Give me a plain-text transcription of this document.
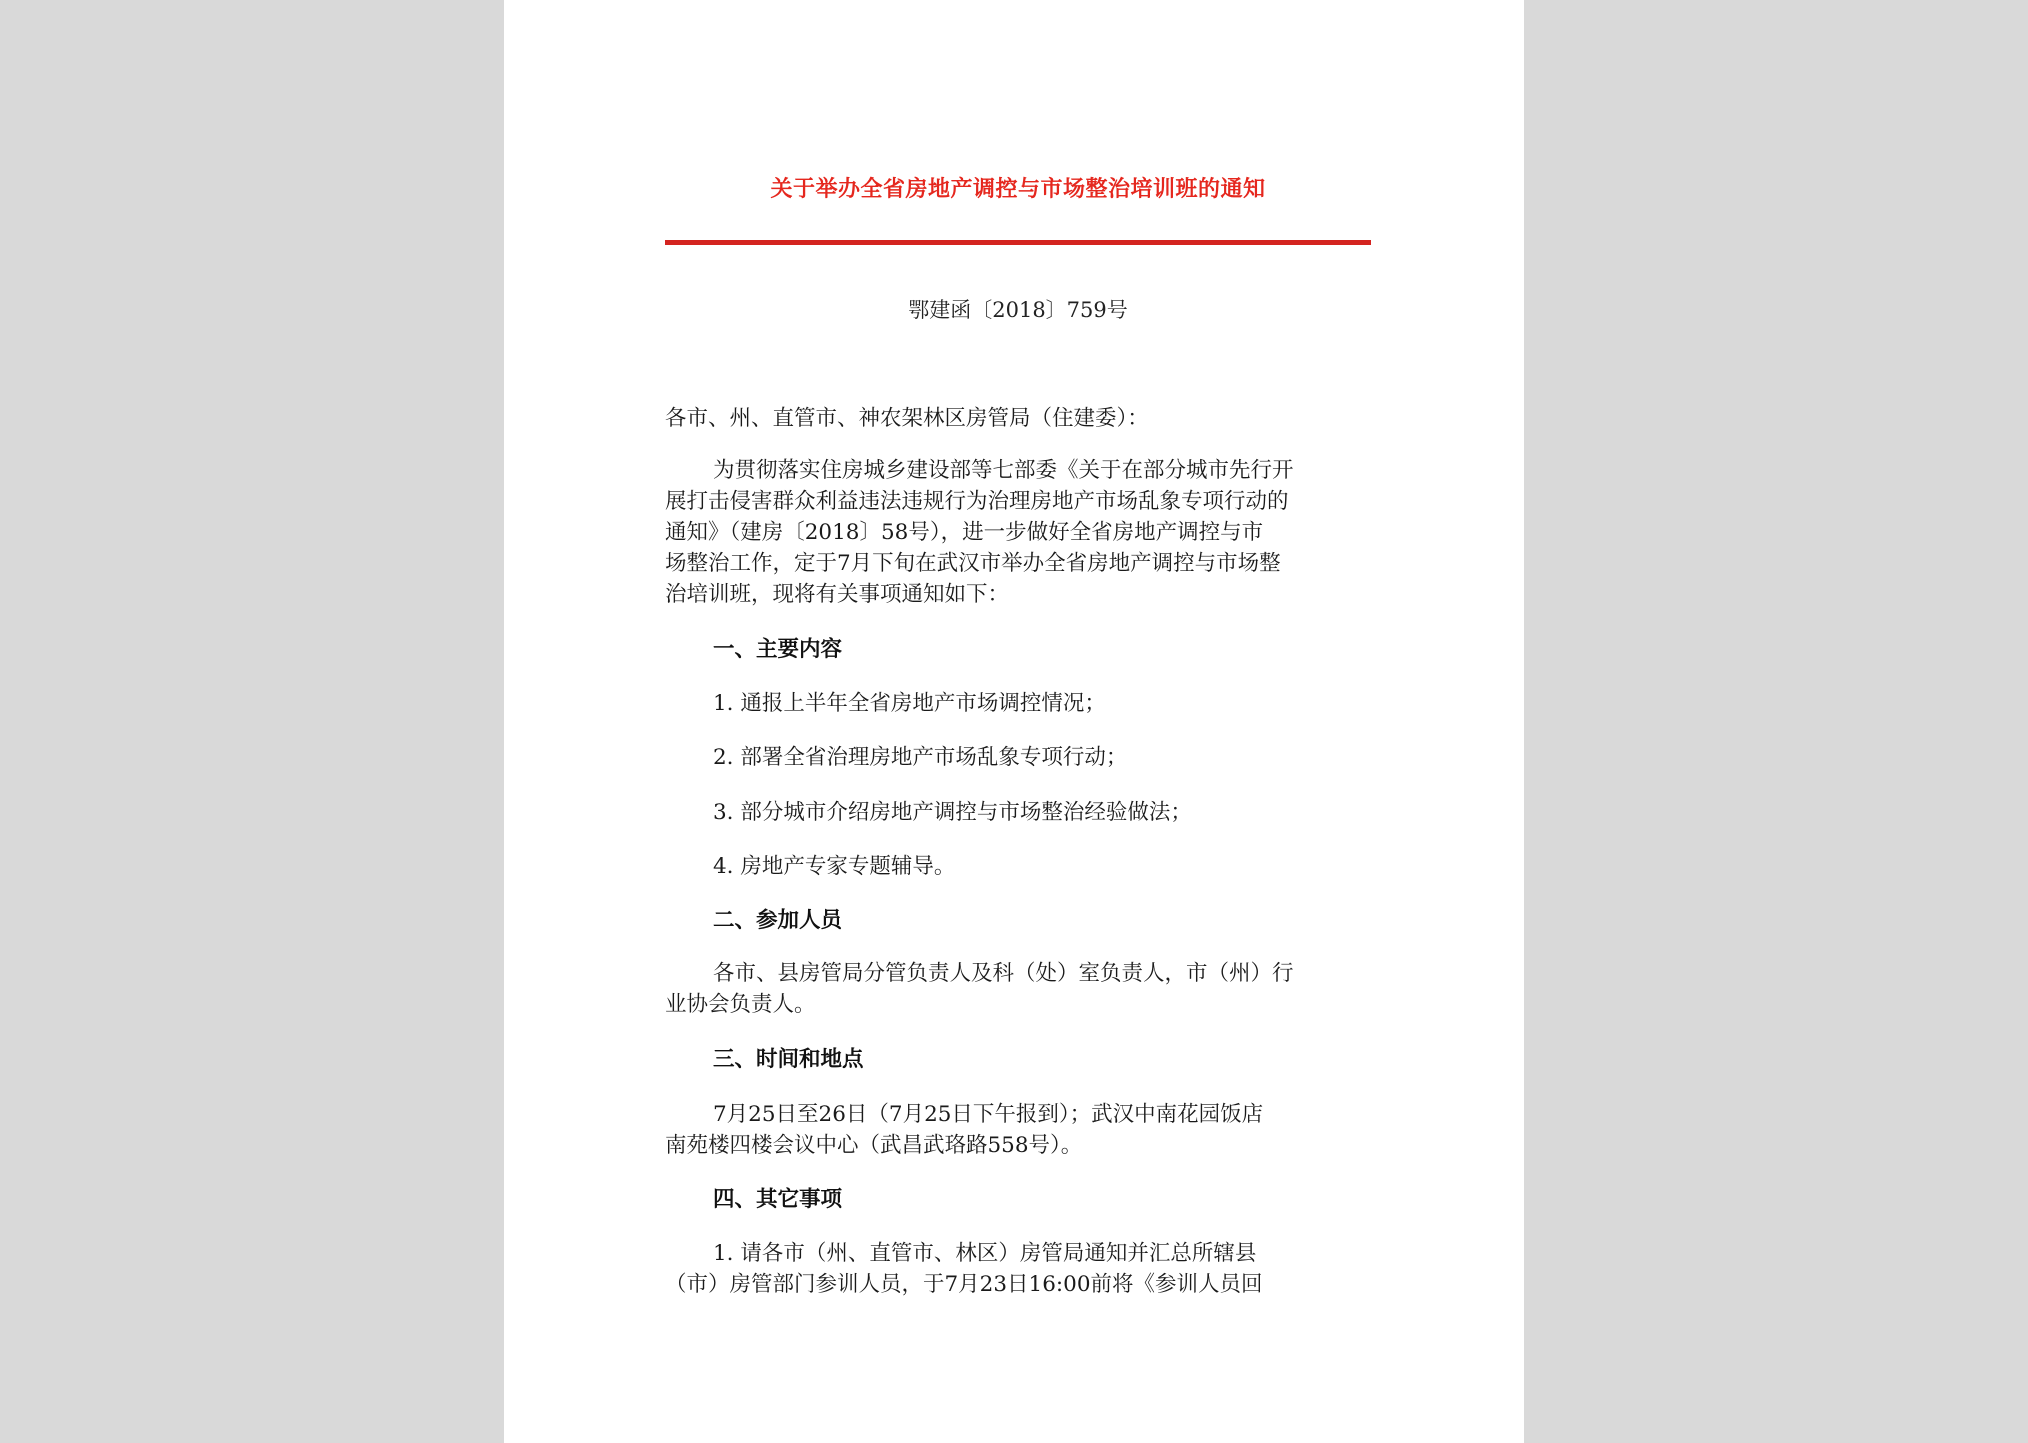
关于举办全省房地产调控与市场整治培训班的通知
鄂建函〔2018〕759号
各市、州、直管市、神农架林区房管局（住建委）：
为贯彻落实住房城乡建设部等七部委《关于在部分城市先行开
展打击侵害群众利益违法违规行为治理房地产市场乱象专项行动的
通知》（建房〔2018〕58号），进一步做好全省房地产调控与市
场整治工作，定于7月下旬在武汉市举办全省房地产调控与市场整
治培训班，现将有关事项通知如下：
一、主要内容
1. 通报上半年全省房地产市场调控情况；
2. 部署全省治理房地产市场乱象专项行动；
3. 部分城市介绍房地产调控与市场整治经验做法；
4. 房地产专家专题辅导。
二、参加人员
各市、县房管局分管负责人及科（处）室负责人，市（州）行
业协会负责人。
三、时间和地点
7月25日至26日（7月25日下午报到）；武汉中南花园饭店
南苑楼四楼会议中心（武昌武珞路558号）。
四、其它事项
1. 请各市（州、直管市、林区）房管局通知并汇总所辖县
（市）房管部门参训人员，于7月23日16:00前将《参训人员回
